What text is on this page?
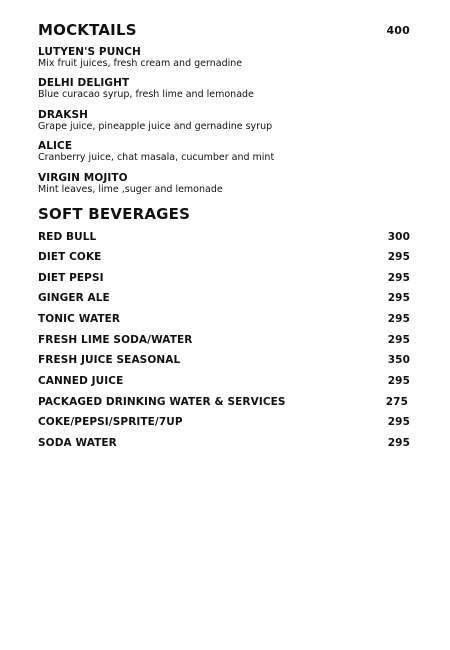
MOCKTAILS	400
LUTYEN'S PUNCH
Mix fruit juices, fresh cream and gernadine
DELHI DELIGHT
Blue curacao syrup, fresh lime and lemonade
DRAKSH
Grape juice, pineapple juice and gernadine syrup
ALICE
Cranberry juice, chat masala, cucumber and mint
VIRGIN MOJITO
Mint leaves, lime ,suger and lemonade
SOFT BEVERAGES
RED BULL	300
DIET COKE	295
DIET PEPSI	295
GINGER ALE	295
TONIC WATER	295
FRESH LIME SODA/WATER	295
FRESH JUICE SEASONAL	350
CANNED JUICE	295
PACKAGED DRINKING WATER & SERVICES	275
COKE/PEPSI/SPRITE/7UP	295
SODA WATER	295
